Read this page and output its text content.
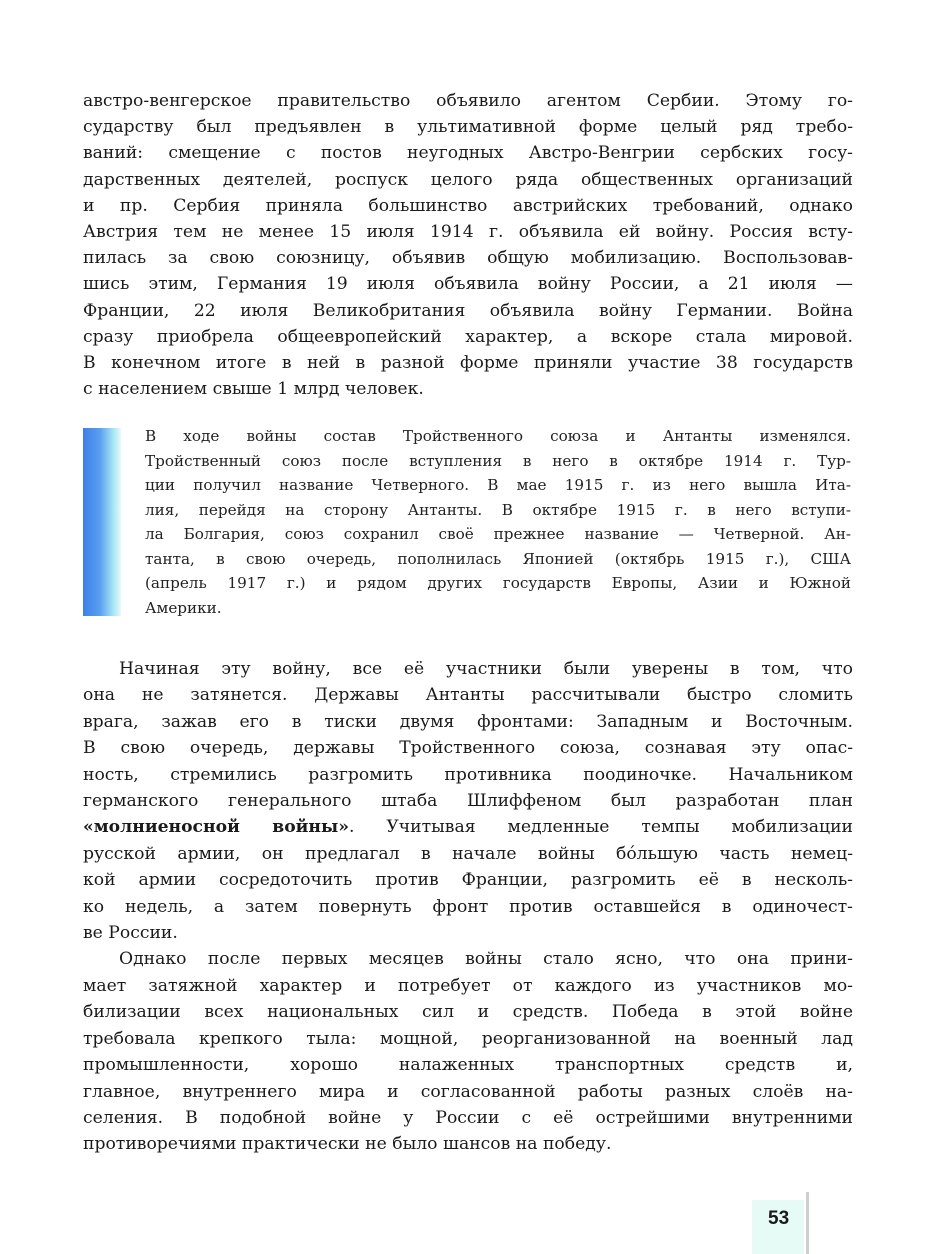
австро-венгерское правительство объявило агентом Сербии. Этому го-
сударству был предъявлен в ультимативной форме целый ряд требо-
ваний: смещение с постов неугодных Австро-Венгрии сербских госу-
дарственных деятелей, роспуск целого ряда общественных организаций
и пр. Сербия приняла большинство австрийских требований, однако
Австрия тем не менее 15 июля 1914 г. объявила ей войну. Россия всту-
пилась за свою союзницу, объявив общую мобилизацию. Воспользовав-
шись этим, Германия 19 июля объявила войну России, а 21 июля —
Франции, 22 июля Великобритания объявила войну Германии. Война
сразу приобрела общеевропейский характер, а вскоре стала мировой.
В конечном итоге в ней в разной форме приняли участие 38 государств
с населением свыше 1 млрд человек.
В ходе войны состав Тройственного союза и Антанты изменялся.
Тройственный союз после вступления в него в октябре 1914 г. Тур-
ции получил название Четверного. В мае 1915 г. из него вышла Ита-
лия, перейдя на сторону Антанты. В октябре 1915 г. в него вступи-
ла Болгария, союз сохранил своё прежнее название — Четверной. Ан-
танта, в свою очередь, пополнилась Японией (октябрь 1915 г.), США
(апрель 1917 г.) и рядом других государств Европы, Азии и Южной
Америки.
Начиная эту войну, все её участники были уверены в том, что
она не затянется. Державы Антанты рассчитывали быстро сломить
врага, зажав его в тиски двумя фронтами: Западным и Восточным.
В свою очередь, державы Тройственного союза, сознавая эту опас-
ность, стремились разгромить противника поодиночке. Начальником
германского генерального штаба Шлиффеном был разработан план
«молниеносной войны». Учитывая медленные темпы мобилизации
русской армии, он предлагал в начале войны бóльшую часть немец-
кой армии сосредоточить против Франции, разгромить её в несколь-
ко недель, а затем повернуть фронт против оставшейся в одиночест-
ве России.
Однако после первых месяцев войны стало ясно, что она прини-
мает затяжной характер и потребует от каждого из участников мо-
билизации всех национальных сил и средств. Победа в этой войне
требовала крепкого тыла: мощной, реорганизованной на военный лад
промышленности, хорошо налаженных транспортных средств и,
главное, внутреннего мира и согласованной работы разных слоёв на-
селения. В подобной войне у России с её острейшими внутренними
противоречиями практически не было шансов на победу.
53
